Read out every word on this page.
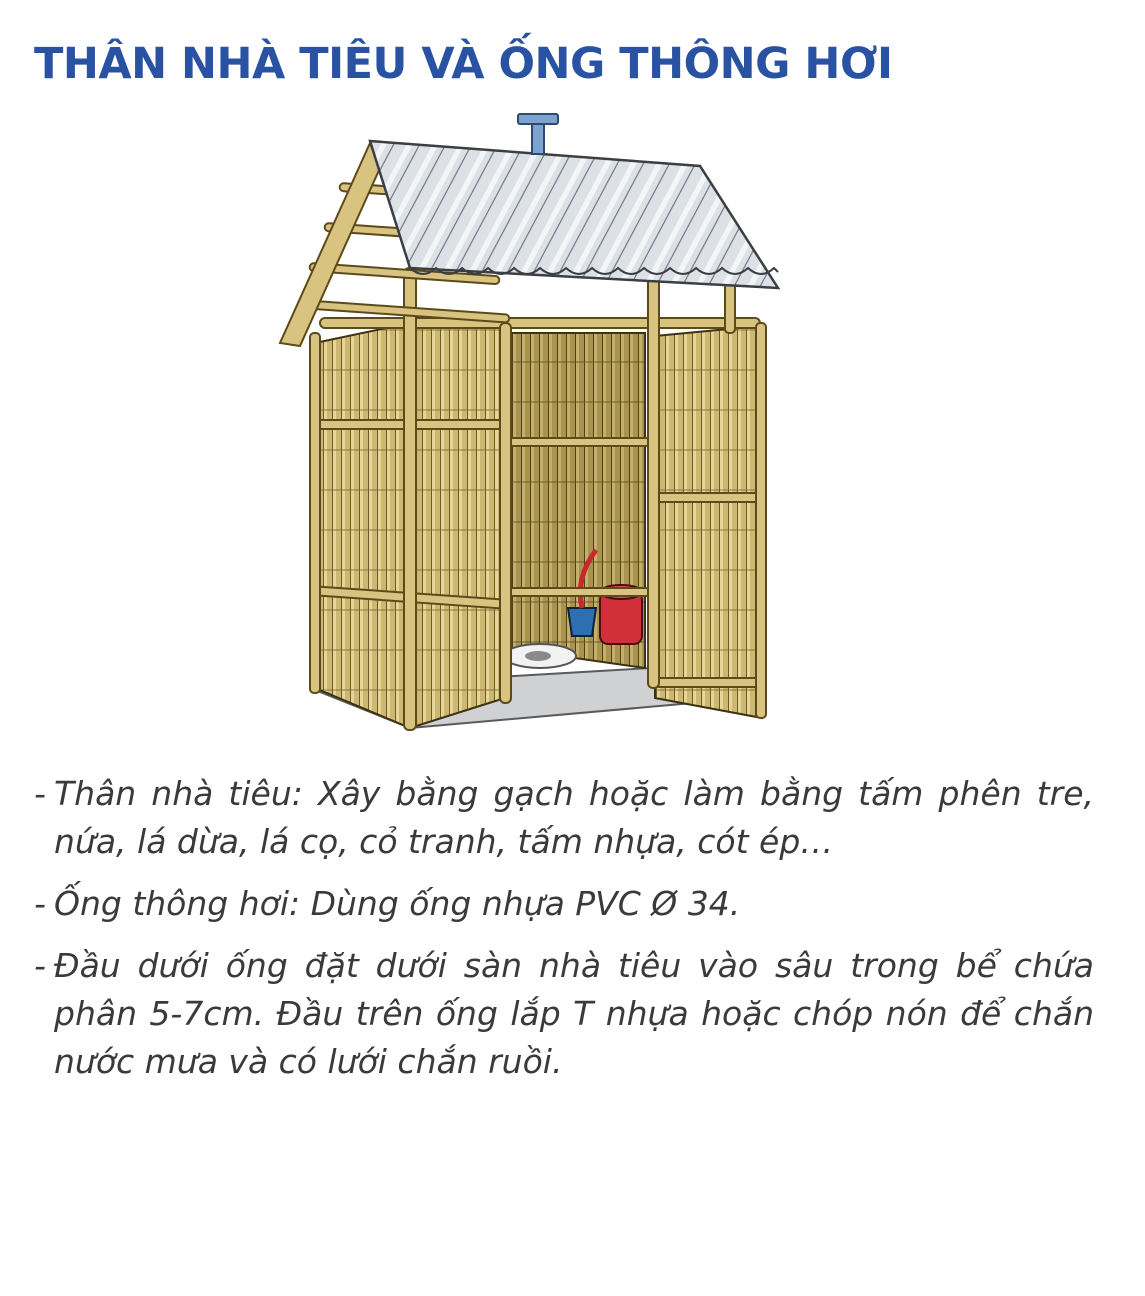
THÂN NHÀ TIÊU VÀ ỐNG THÔNG HƠI
- Thân nhà tiêu: Xây bằng gạch hoặc làm bằng tấm phên tre, nứa, lá dừa, lá cọ, cỏ tranh, tấm nhựa, cót ép…
- Ống thông hơi: Dùng ống nhựa PVC Ø 34.
- Đầu dưới ống đặt dưới sàn nhà tiêu vào sâu trong bể chứa phân 5-7cm. Đầu trên ống lắp T nhựa hoặc chóp nón để chắn nước mưa và có lưới chắn ruồi.
